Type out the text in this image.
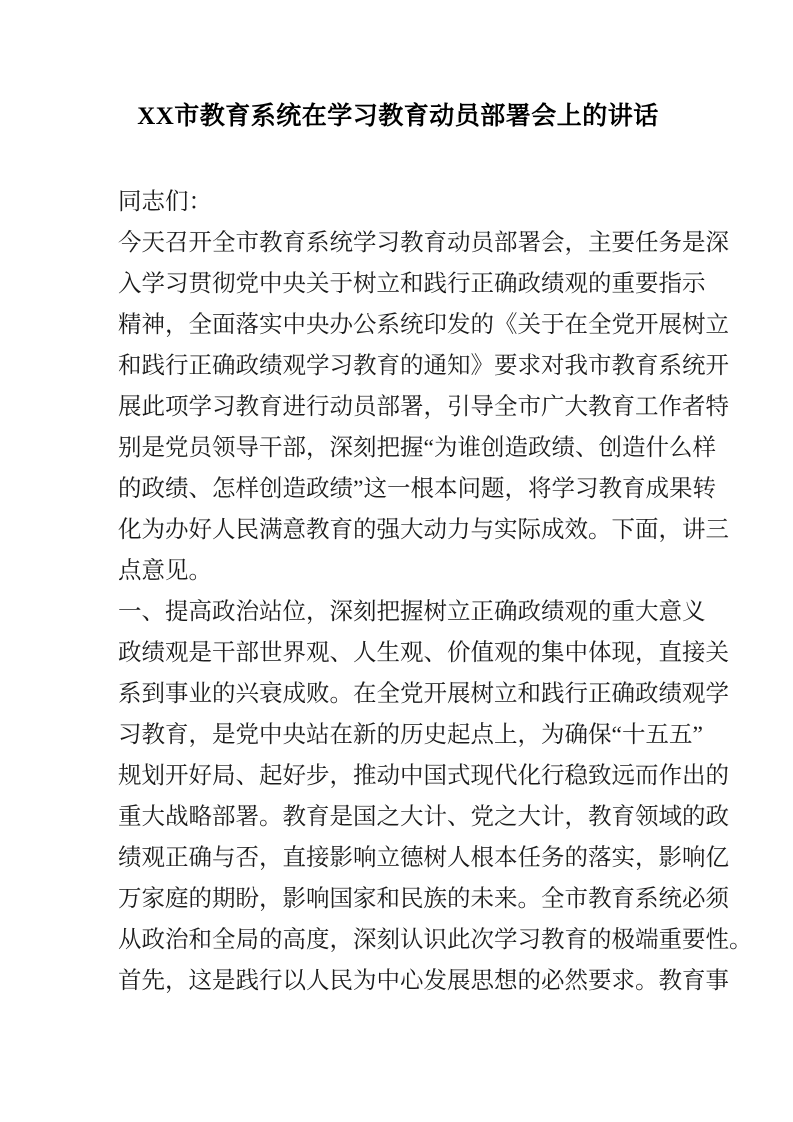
XX市教育系统在学习教育动员部署会上的讲话
同志们：
今 天 召 开 全 市 教 育 系 统 学 习 教 育 动 员 部 署 会 ， 主 要 任 务 是 深
入 学 习 贯 彻 党 中 央 关 于 树 立 和 践 行 正 确 政 绩 观 的 重 要 指 示
精 神 ， 全 面 落 实 中 央 办 公 系 统 印 发 的 《 关 于 在 全 党 开 展 树 立
和 践 行 正 确 政 绩 观 学 习 教 育 的 通 知 》 要 求 对 我 市 教 育 系 统 开
展 此 项 学 习 教 育 进 行 动 员 部 署 ， 引 导 全 市 广 大 教 育 工 作 者 特
别 是 党 员 领 导 干 部 ， 深 刻 把 握 “ 为 谁 创 造 政 绩 、 创 造 什 么 样
的 政 绩 、 怎 样 创 造 政 绩 ” 这 一 根 本 问 题 ， 将 学 习 教 育 成 果 转
化 为 办 好 人 民 满 意 教 育 的 强 大 动 力 与 实 际 成 效 。 下 面 ， 讲 三
点意见。
一、提高政治站位，深刻把握树立正确政绩观的重大意义
政 绩 观 是 干 部 世 界 观 、 人 生 观 、 价 值 观 的 集 中 体 现 ， 直 接 关
系 到 事 业 的 兴 衰 成 败 。 在 全 党 开 展 树 立 和 践 行 正 确 政 绩 观 学
习 教 育 ， 是 党 中 央 站 在 新 的 历 史 起 点 上 ， 为 确 保 “ 十 五 五 ”
规 划 开 好 局 、 起 好 步 ， 推 动 中 国 式 现 代 化 行 稳 致 远 而 作 出 的
重 大 战 略 部 署 。 教 育 是 国 之 大 计 、 党 之 大 计 ， 教 育 领 域 的 政
绩 观 正 确 与 否 ， 直 接 影 响 立 德 树 人 根 本 任 务 的 落 实 ， 影 响 亿
万 家 庭 的 期 盼 ， 影 响 国 家 和 民 族 的 未 来 。 全 市 教 育 系 统 必 须
从 政 治 和 全 局 的 高 度 ， 深 刻 认 识 此 次 学 习 教 育 的 极 端 重 要 性 。
首 先 ， 这 是 践 行 以 人 民 为 中 心 发 展 思 想 的 必 然 要 求 。 教 育 事
